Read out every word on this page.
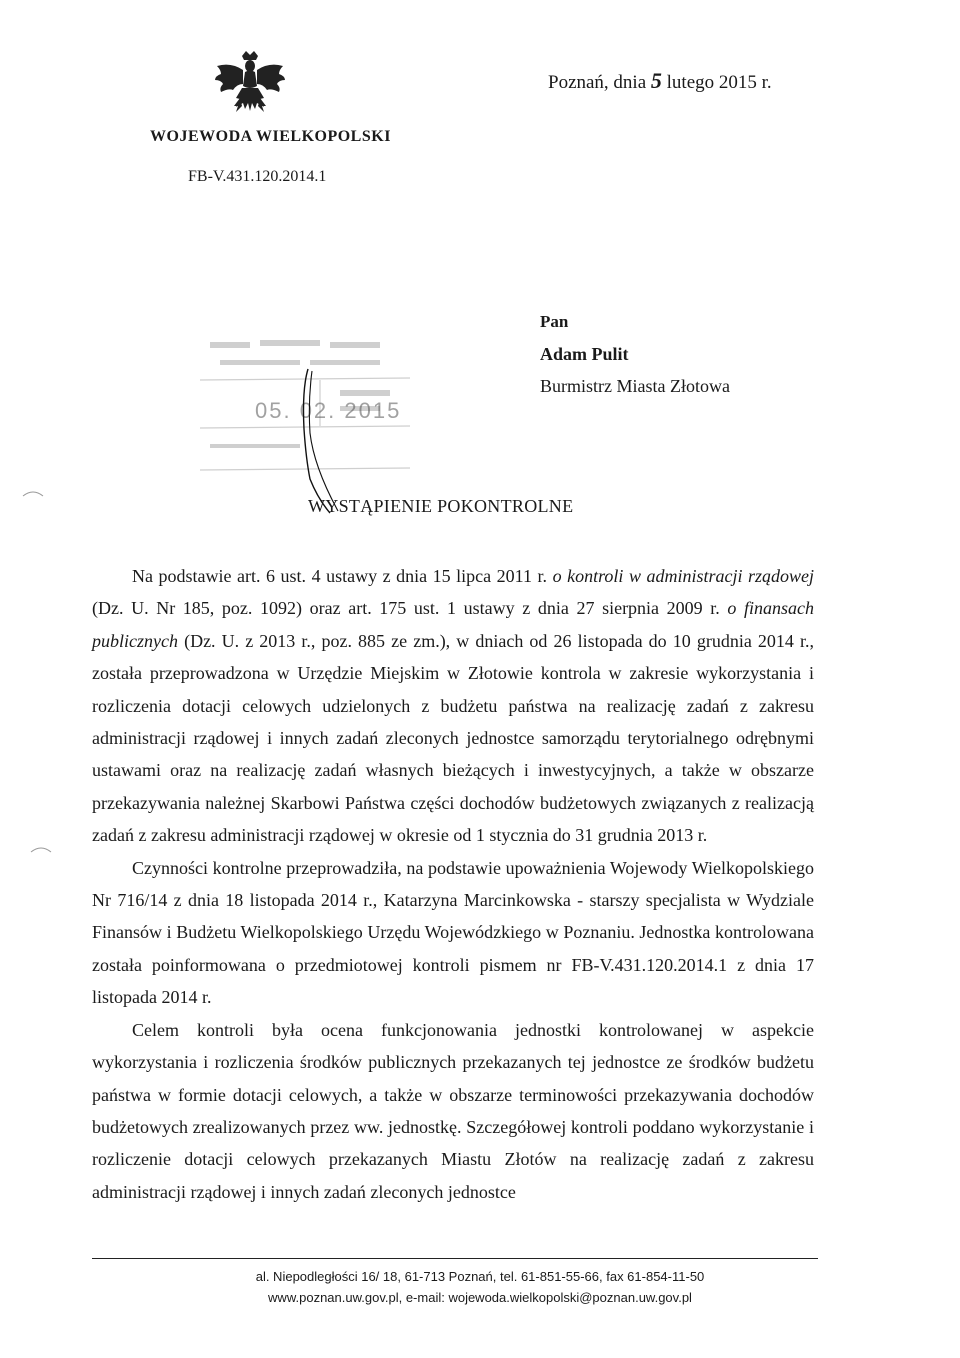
Poznań, dnia 5 lutego 2015 r.
WOJEWODA WIELKOPOLSKI
FB-V.431.120.2014.1
Pan
Adam Pulit
Burmistrz Miasta Złotowa
05. 02. 2015
WYSTĄPIENIE POKONTROLNE

Na podstawie art. 6 ust. 4 ustawy z dnia 15 lipca 2011 r. o kontroli w administracji rządowej (Dz. U. Nr 185, poz. 1092) oraz art. 175 ust. 1 ustawy z dnia 27 sierpnia 2009 r. o finansach publicznych (Dz. U. z 2013 r., poz. 885 ze zm.), w dniach od 26 listopada do 10 grudnia 2014 r., została przeprowadzona w Urzędzie Miejskim w Złotowie kontrola w zakresie wykorzystania i rozliczenia dotacji celowych udzielonych z budżetu państwa na realizację zadań z zakresu administracji rządowej i innych zadań zleconych jednostce samorządu terytorialnego odrębnymi ustawami oraz na realizację zadań własnych bieżących i inwestycyjnych, a także w obszarze przekazywania należnej Skarbowi Państwa części dochodów budżetowych związanych z realizacją zadań z zakresu administracji rządowej w okresie od 1 stycznia do 31 grudnia 2013 r.

Czynności kontrolne przeprowadziła, na podstawie upoważnienia Wojewody Wielkopolskiego Nr 716/14 z dnia 18 listopada 2014 r., Katarzyna Marcinkowska - starszy specjalista w Wydziale Finansów i Budżetu Wielkopolskiego Urzędu Wojewódzkiego w Poznaniu. Jednostka kontrolowana została poinformowana o przedmiotowej kontroli pismem nr FB-V.431.120.2014.1 z dnia 17 listopada 2014 r.

Celem kontroli była ocena funkcjonowania jednostki kontrolowanej w aspekcie wykorzystania i rozliczenia środków publicznych przekazanych tej jednostce ze środków budżetu państwa w formie dotacji celowych, a także w obszarze terminowości przekazywania dochodów budżetowych zrealizowanych przez ww. jednostkę. Szczegółowej kontroli poddano wykorzystanie i rozliczenie dotacji celowych przekazanych Miastu Złotów na realizację zadań z zakresu administracji rządowej i innych zadań zleconych jednostce

al. Niepodległości 16/ 18, 61-713 Poznań, tel. 61-851-55-66, fax 61-854-11-50
www.poznan.uw.gov.pl, e-mail: wojewoda.wielkopolski@poznan.uw.gov.pl
